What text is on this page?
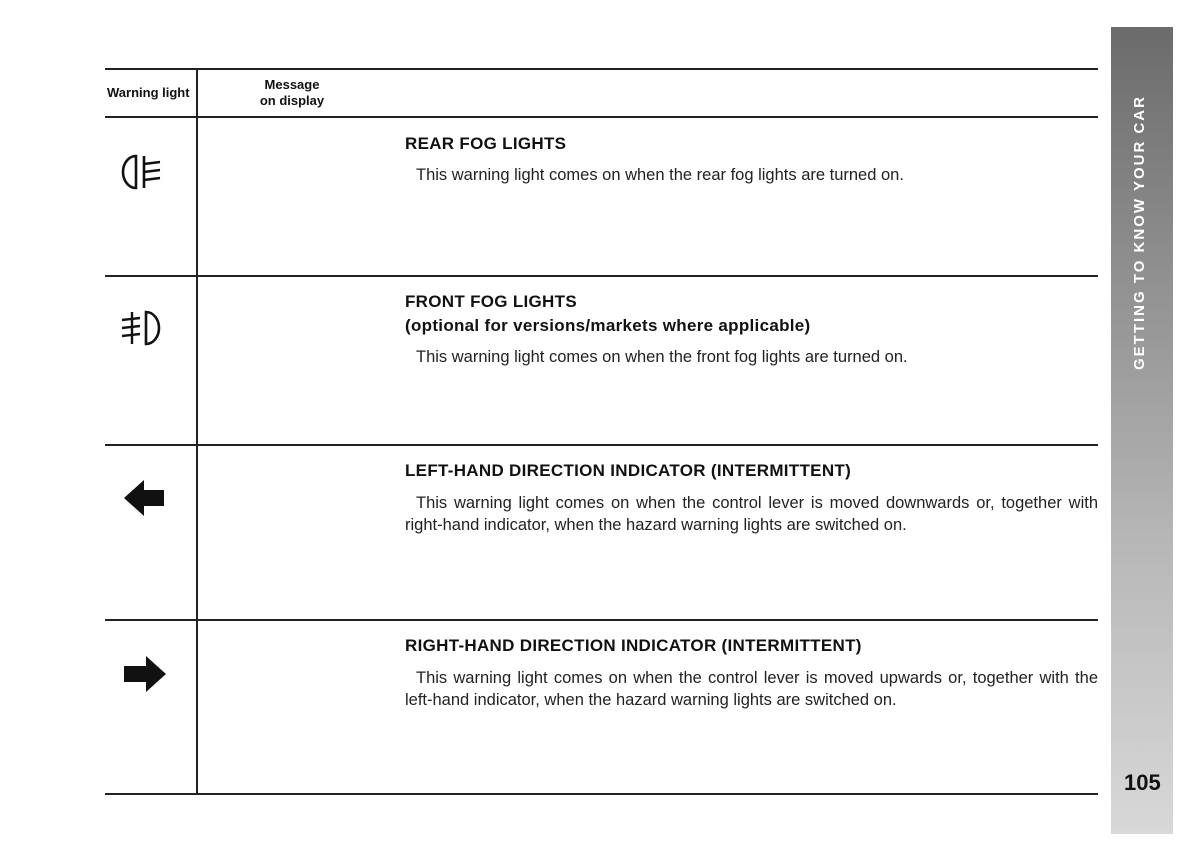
Warning light
Message
on display
REAR FOG LIGHTS
This warning light comes on when the rear fog lights are turned on.
FRONT FOG LIGHTS
(optional for versions/markets where applicable)
This warning light comes on when the front fog lights are turned on.
LEFT-HAND DIRECTION INDICATOR (INTERMITTENT)
This warning light comes on when the control lever is moved downwards or, together with right-hand indicator, when the hazard warning lights are switched on.
RIGHT-HAND DIRECTION INDICATOR (INTERMITTENT)
This warning light comes on when the control lever is moved upwards or, together with the left-hand indicator, when the hazard warning lights are switched on.
GETTING TO KNOW YOUR CAR
105
